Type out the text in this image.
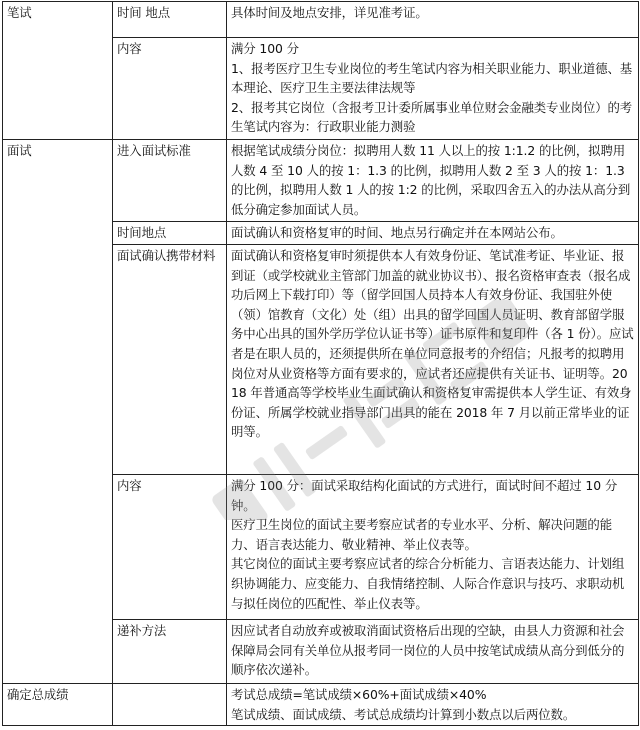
笔试	时间 地点	具体时间及地点安排，详见准考证。
	内容	满分 100 分

1、报考医疗卫生专业岗位的考生笔试内容为相关职业能力、职业道德、基本理论、医疗卫生主要法律法规等

2、报考其它岗位（含报考卫计委所属事业单位财会金融类专业岗位）的考生笔试内容为：行政职业能力测验

面试	进入面试标准	根据笔试成绩分岗位：拟聘用人数 11 人以上的按 1:1.2 的比例，拟聘用人数 4 至 10 人的按 1：1.3 的比例，拟聘用人数 2 至 3 人的按 1：1.3 的比例，拟聘用人数 1 人的按 1:2 的比例，采取四舍五入的办法从高分到低分确定参加面试人员。
	时间地点	面试确认和资格复审的时间、地点另行确定并在本网站公布。
	面试确认携带材料	面试确认和资格复审时须提供本人有效身份证、笔试准考证、毕业证、报到证（或学校就业主管部门加盖的就业协议书）、报名资格审查表（报名成功后网上下载打印）等（留学回国人员持本人有效身份证、我国驻外使（领）馆教育（文化）处（组）出具的留学回国人员证明、教育部留学服务中心出具的国外学历学位认证书等）证书原件和复印件（各 1 份）。应试者是在职人员的，还须提供所在单位同意报考的介绍信；凡报考的拟聘用岗位对从业资格等方面有要求的，应试者还应提供有关证书、证明等。2018 年普通高等学校毕业生面试确认和资格复审需提供本人学生证、有效身份证、所属学校就业指导部门出具的能在 2018 年 7 月以前正常毕业的证明等。
	内容	满分 100 分：面试采取结构化面试的方式进行，面试时间不超过 10 分钟。

医疗卫生岗位的面试主要考察应试者的专业水平、分析、解决问题的能力、语言表达能力、敬业精神、举止仪表等。

其它岗位的面试主要考察应试者的综合分析能力、言语表达能力、计划组织协调能力、应变能力、自我情绪控制、人际合作意识与技巧、求职动机与拟任岗位的匹配性、举止仪表等。

	递补方法	因应试者自动放弃或被取消面试资格后出现的空缺，由县人力资源和社会保障局会同有关单位从报考同一岗位的人员中按笔试成绩从高分到低分的顺序依次递补。
确定总成绩		考试总成绩=笔试成绩×60%+面试成绩×40%

笔试成绩、面试成绩、考试总成绩均计算到小数点以后两位数。
